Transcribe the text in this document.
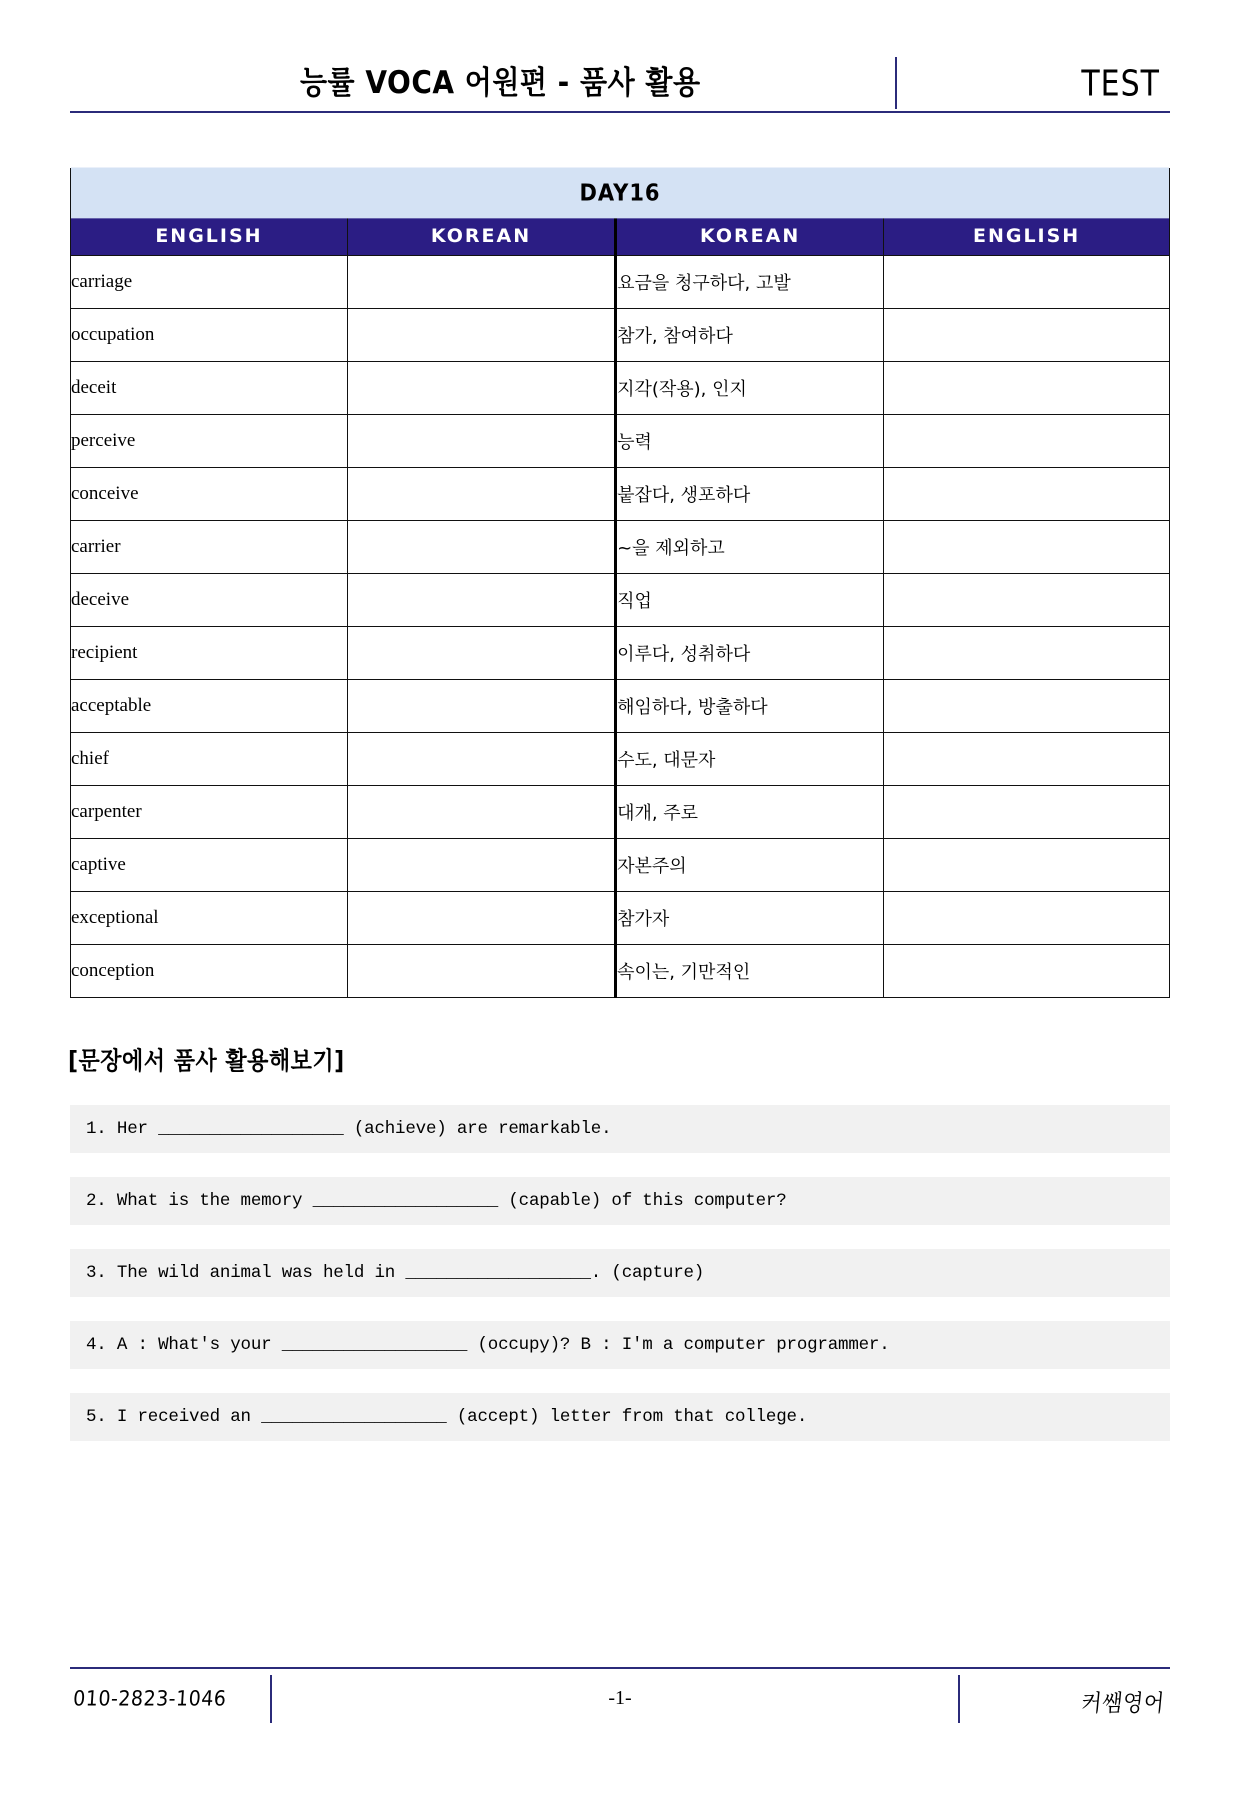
능률 VOCA 어원편 - 품사 활용	TEST
DAY16			
ENGLISH	KOREAN	KOREAN	ENGLISH
carriage		요금을 청구하다, 고발	
occupation		참가, 참여하다	
deceit		지각(작용), 인지	
perceive		능력	
conceive		붙잡다, 생포하다	
carrier		~을 제외하고	
deceive		직업	
recipient		이루다, 성취하다	
acceptable		해임하다, 방출하다	
chief		수도, 대문자	
carpenter		대개, 주로	
captive		자본주의	
exceptional		참가자	
conception		속이는, 기만적인	
[문장에서 품사 활용해보기]
1. Her __________________ (achieve) are remarkable.
2. What is the memory __________________ (capable) of this computer?
3. The wild animal was held in __________________. (capture)
4. A : What's your __________________ (occupy)? B : I'm a computer programmer.
5. I received an __________________ (accept) letter from that college.
010-2823-1046	-1-	커쌤영어
